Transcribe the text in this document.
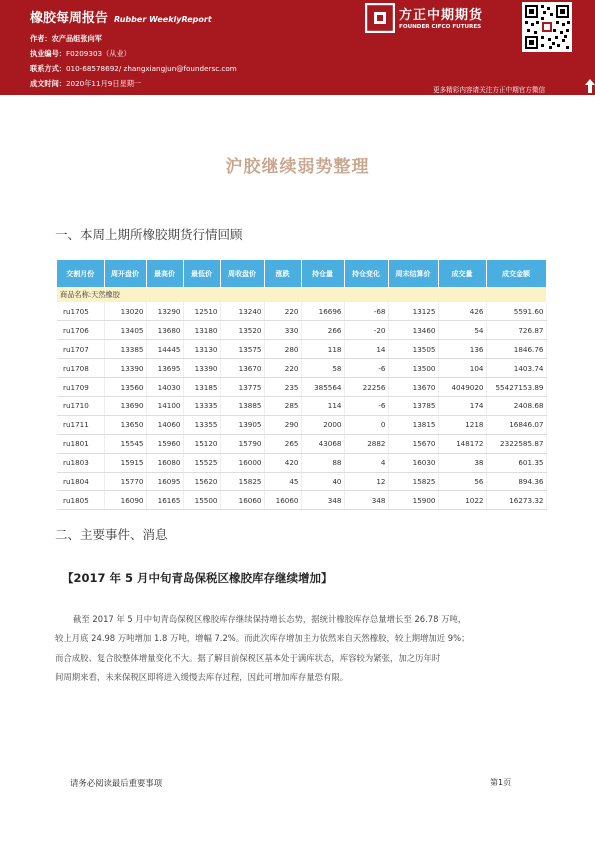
橡胶每周报告 Rubber WeeklyReport
作者：农产品组张向军
执业编号：F0209303（从业）
联系方式：010-68578692/ zhangxiangjun@foundersc.com
成文时间：2020年11月9日星期一
方正中期期货
FOUNDER CIFCO FUTURES
更多精彩内容请关注方正中期官方微信
沪胶继续弱势整理
一、本周上期所橡胶期货行情回顾
交割月份	周开盘价	最高价	最低价	周收盘价	涨跌	持仓量	持仓变化	周末结算价	成交量	成交金额
商品名称:天然橡胶										
ru1705	13020	13290	12510	13240	220	16696	-68	13125	426	5591.60
ru1706	13405	13680	13180	13520	330	266	-20	13460	54	726.87
ru1707	13385	14445	13130	13575	280	118	14	13505	136	1846.76
ru1708	13390	13695	13390	13670	220	58	-6	13500	104	1403.74
ru1709	13560	14030	13185	13775	235	385564	22256	13670	4049020	55427153.89
ru1710	13690	14100	13335	13885	285	114	-6	13785	174	2408.68
ru1711	13650	14060	13355	13905	290	2000	0	13815	1218	16846.07
ru1801	15545	15960	15120	15790	265	43068	2882	15670	148172	2322585.87
ru1803	15915	16080	15525	16000	420	88	4	16030	38	601.35
ru1804	15770	16095	15620	15825	45	40	12	15825	56	894.36
ru1805	16090	16165	15500	16060	16060	348	348	15900	1022	16273.32
二、主要事件、消息
【2017 年 5 月中旬青岛保税区橡胶库存继续增加】
截至 2017 年 5 月中旬青岛保税区橡胶库存继续保持增长态势，据统计橡胶库存总量增长至 26.78 万吨，
较上月底 24.98 万吨增加 1.8 万吨，增幅 7.2%。而此次库存增加主力依然来自天然橡胶，较上期增加近 9%；
而合成胶、复合胶整体增量变化不大。据了解目前保税区基本处于满库状态，库容较为紧张，加之历年时
间周期来看，未来保税区即将进入缓慢去库存过程，因此可增加库存量恐有限。
请务必阅读最后重要事项	第1页
